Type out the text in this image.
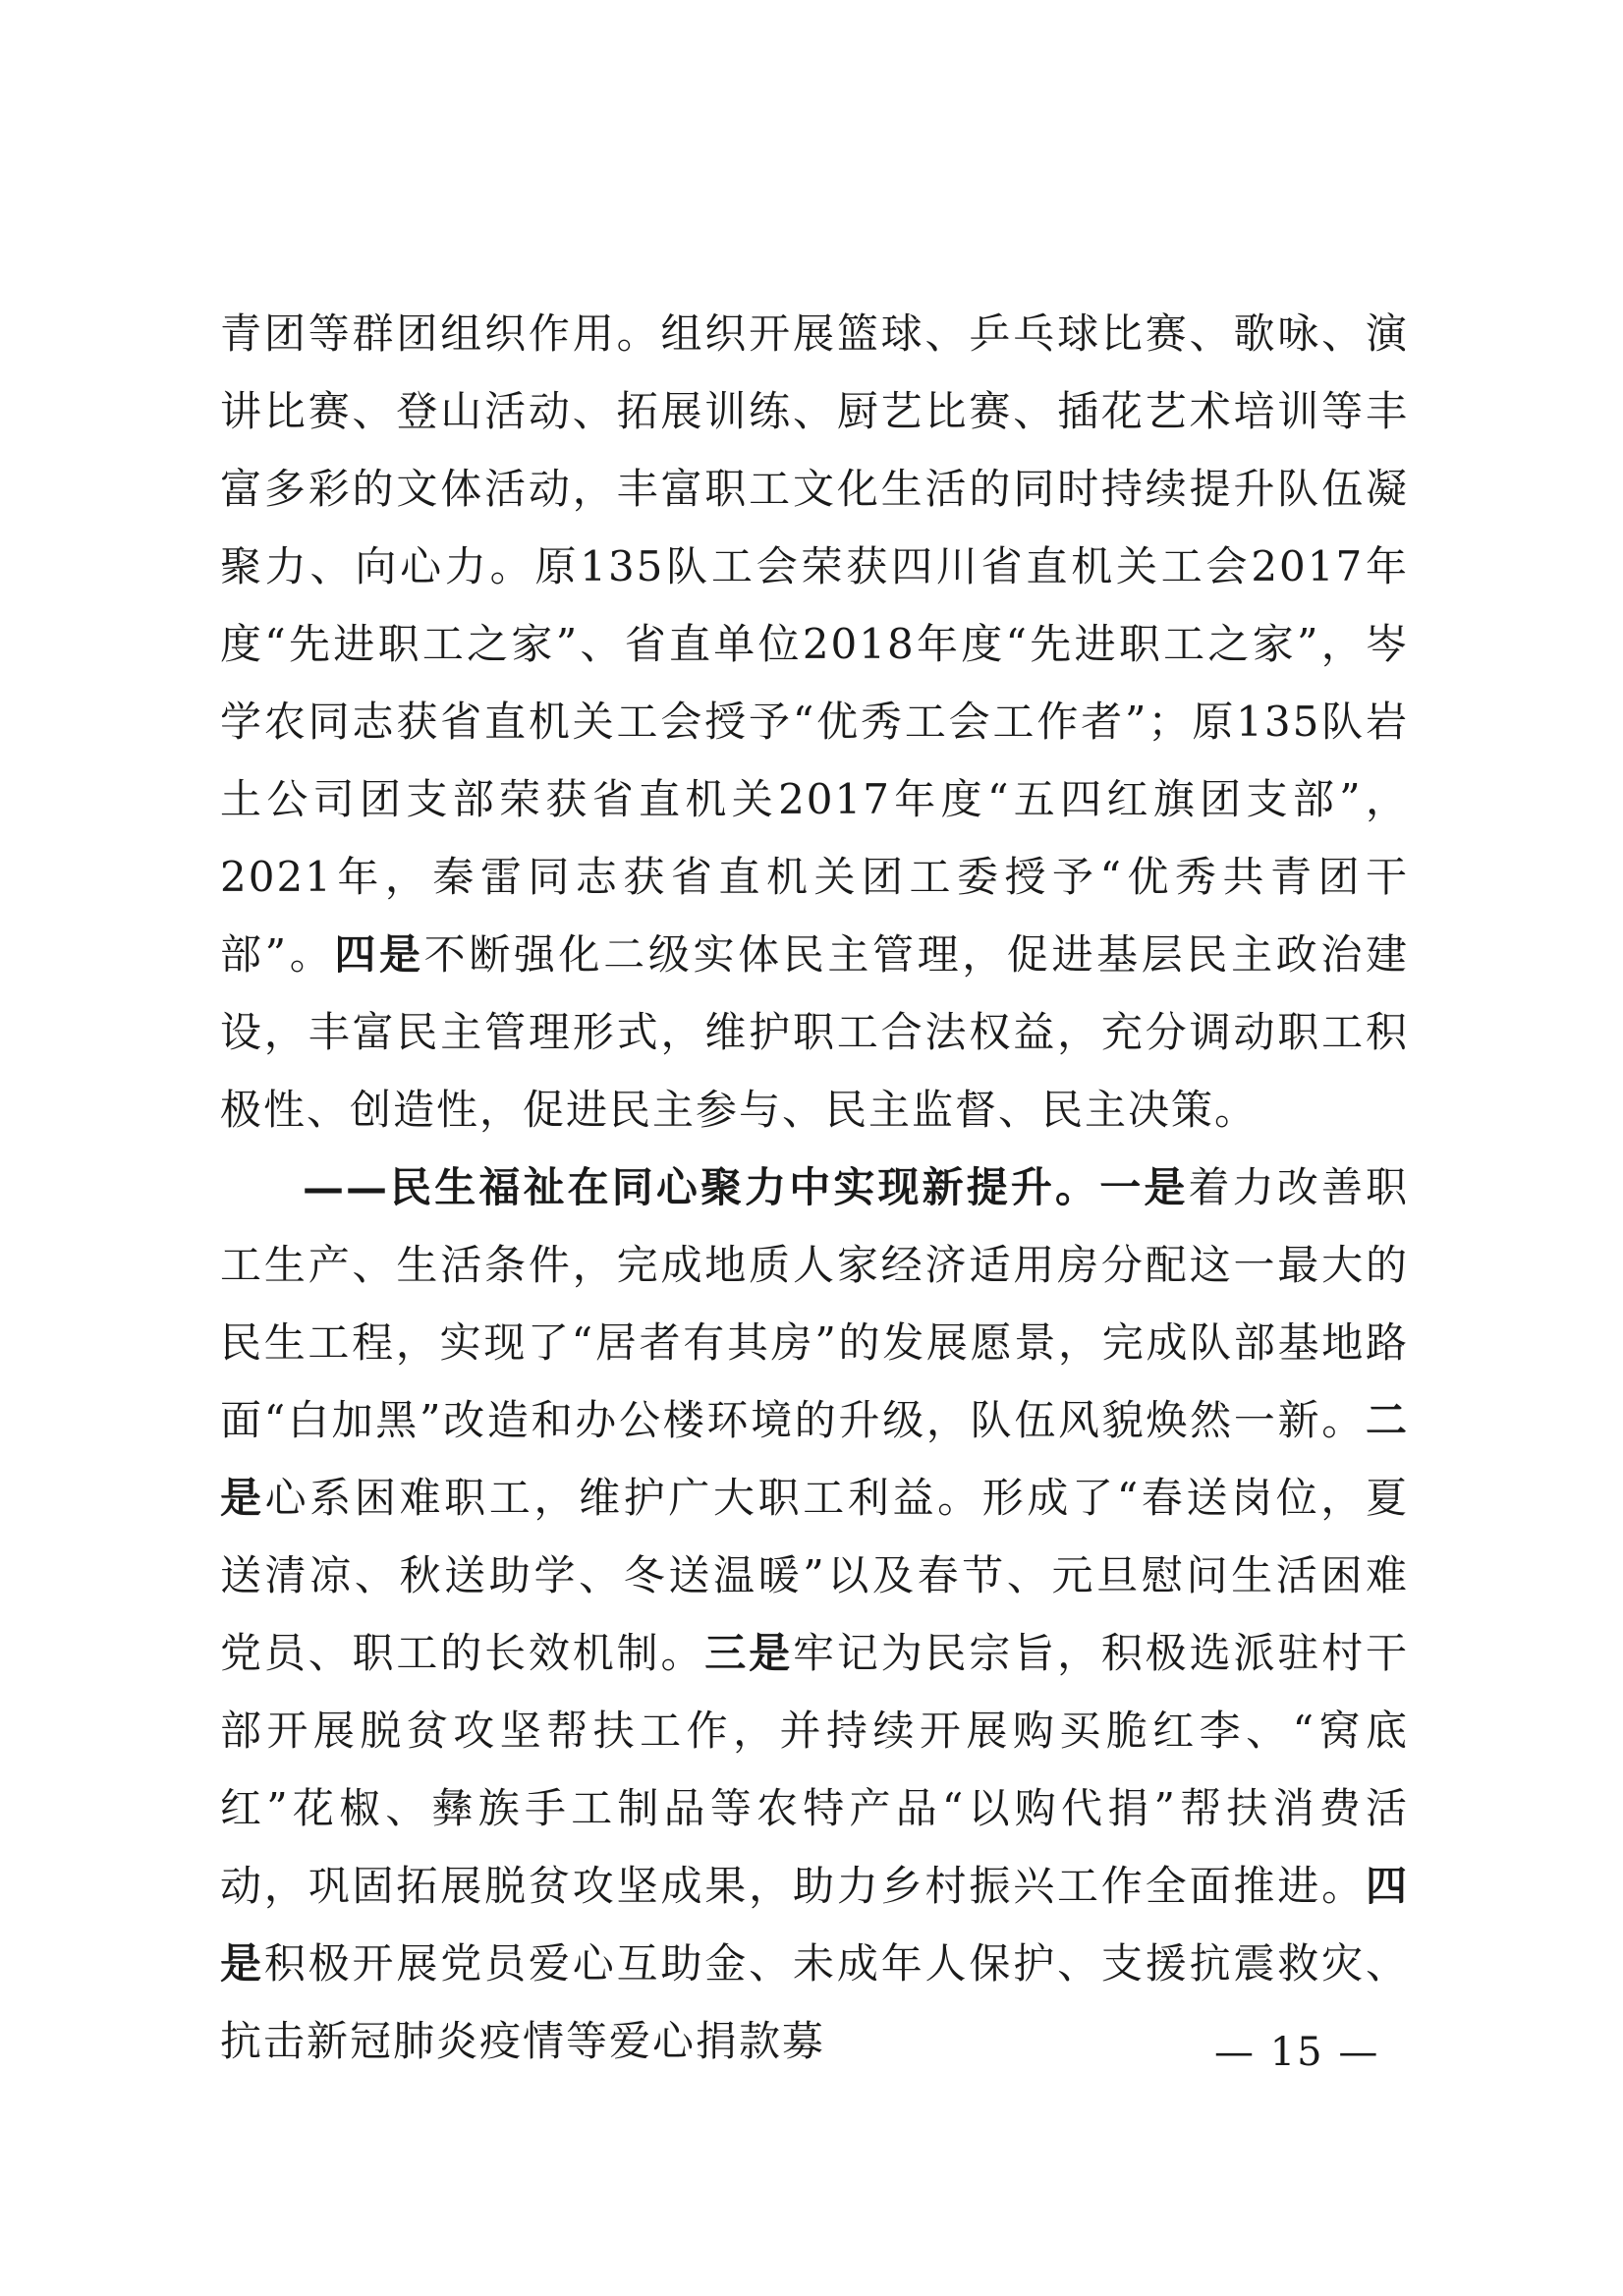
青团等群团组织作用。组织开展篮球、乒乓球比赛、歌咏、演讲比赛、登山活动、拓展训练、厨艺比赛、插花艺术培训等丰富多彩的文体活动，丰富职工文化生活的同时持续提升队伍凝聚力、向心力。原135队工会荣获四川省直机关工会2017年度“先进职工之家”、省直单位2018年度“先进职工之家”，岑学农同志获省直机关工会授予“优秀工会工作者”；原135队岩土公司团支部荣获省直机关2017年度“五四红旗团支部”，2021年，秦雷同志获省直机关团工委授予“优秀共青团干部”。四是不断强化二级实体民主管理，促进基层民主政治建设，丰富民主管理形式，维护职工合法权益，充分调动职工积极性、创造性，促进民主参与、民主监督、民主决策。

——民生福祉在同心聚力中实现新提升。一是着力改善职工生产、生活条件，完成地质人家经济适用房分配这一最大的民生工程，实现了“居者有其房”的发展愿景，完成队部基地路面“白加黑”改造和办公楼环境的升级，队伍风貌焕然一新。二是心系困难职工，维护广大职工利益。形成了“春送岗位，夏送清凉、秋送助学、冬送温暖”以及春节、元旦慰问生活困难党员、职工的长效机制。三是牢记为民宗旨，积极选派驻村干部开展脱贫攻坚帮扶工作，并持续开展购买脆红李、“窝底红”花椒、彝族手工制品等农特产品“以购代捐”帮扶消费活动，巩固拓展脱贫攻坚成果，助力乡村振兴工作全面推进。四是积极开展党员爱心互助金、未成年人保护、支援抗震救灾、抗击新冠肺炎疫情等爱心捐款募	— 15 —
